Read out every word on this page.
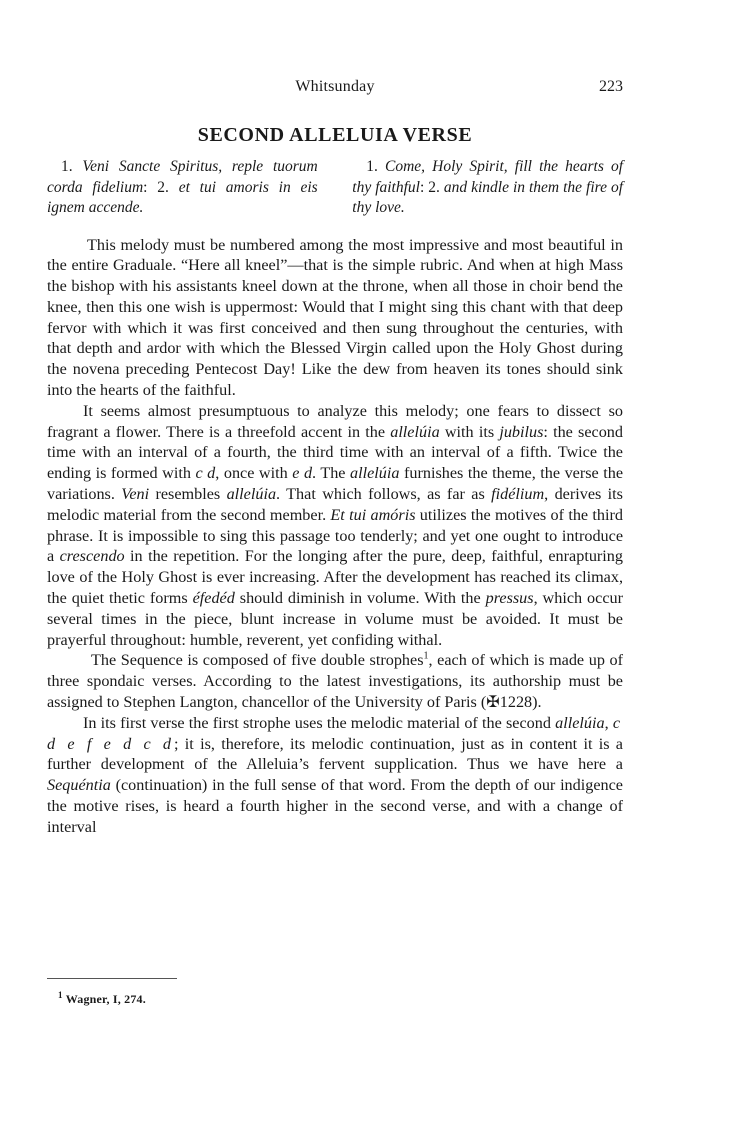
Whitsunday	223
SECOND ALLELUIA VERSE
1. Veni Sancte Spiritus, reple tuorum corda fidelium: 2. et tui amoris in eis ignem accende.
1. Come, Holy Spirit, fill the hearts of thy faithful: 2. and kindle in them the fire of thy love.

This melody must be numbered among the most impressive and most beautiful in the entire Graduale. “Here all kneel”—that is the simple rubric. And when at high Mass the bishop with his assistants kneel down at the throne, when all those in choir bend the knee, then this one wish is uppermost: Would that I might sing this chant with that deep fervor with which it was first conceived and then sung throughout the centuries, with that depth and ardor with which the Blessed Virgin called upon the Holy Ghost during the novena preceding Pentecost Day! Like the dew from heaven its tones should sink into the hearts of the faithful.

It seems almost presumptuous to analyze this melody; one fears to dissect so fragrant a flower. There is a threefold accent in the allelúia with its jubilus: the second time with an interval of a fourth, the third time with an interval of a fifth. Twice the ending is formed with c d, once with e d. The allelúia furnishes the theme, the verse the variations. Veni resembles allelúia. That which follows, as far as fidélium, derives its melodic material from the second member. Et tui amóris utilizes the motives of the third phrase. It is impossible to sing this passage too tenderly; and yet one ought to introduce a crescendo in the repetition. For the longing after the pure, deep, faithful, enrapturing love of the Holy Ghost is ever increasing. After the development has reached its climax, the quiet thetic forms éfedéd should diminish in volume. With the pressus, which occur several times in the piece, blunt increase in volume must be avoided. It must be prayerful throughout: humble, reverent, yet confiding withal.

The Sequence is composed of five double strophes$^1$, each of which is made up of three spondaic verses. According to the latest investigations, its authorship must be assigned to Stephen Langton, chancellor of the University of Paris (✠1228).

In its first verse the first strophe uses the melodic material of the second allelúia, c d e f e d c d; it is, therefore, its melodic continuation, just as in content it is a further development of the Alleluia’s fervent supplication. Thus we have here a Sequéntia (continuation) in the full sense of that word. From the depth of our indigence the motive rises, is heard a fourth higher in the second verse, and with a change of interval

$^1$ Wagner, I, 274.
